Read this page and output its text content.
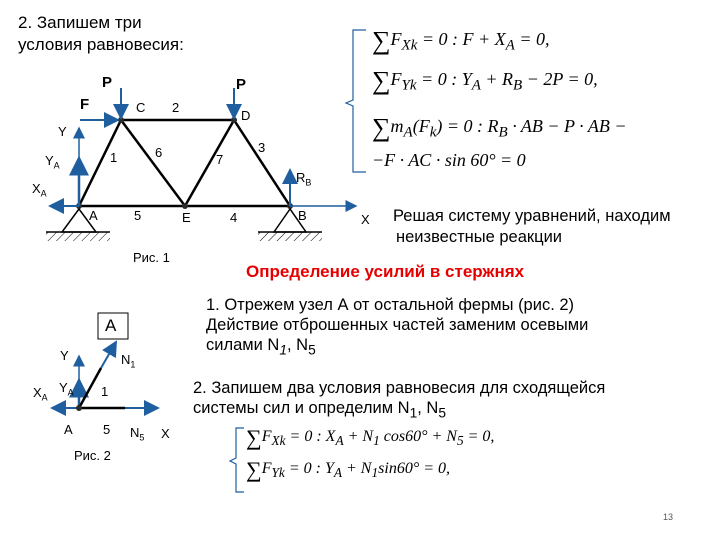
2. Запишем три
условия равновесия:	$\sum F_{Xk} = 0$ : $F + X_A = 0$,
$\sum F_{Yk} = 0$ : $Y_A + R_B - 2P = 0$,
$\sum m_A(F_k) = 0$ : $R_B$ · AB − P · AB −
−F · AC · sin 60° = 0
Решая систему уравнений, находим
неизвестные реакции
Определение усилий в стержнях
1. Отрежем узел А от остальной фермы (рис. 2)
Действие отброшенных частей заменим осевыми
силами $N_1$, $N_5$
2. Запишем два условия равновесия для сходящейся
системы сил и определим $N_1$, $N_5$
$\sum F_{Xk} = 0$ : $X_A + N_1$ $\cos 60^\circ + N_5 = 0$,
$\sum F_{Yk} = 0$ : $Y_A + N_1\sin 60^\circ = 0$,
13
P	P
F	C 2
D
Y
$Y_A$
1	6	7
3
$R_B$
$X_A$
A	5	E	4	B	X
Рис. 1
A
Y	$N_1$
$X_A$
$Y_A$ 1
A 5 $N_5$ X
Рис. 2
